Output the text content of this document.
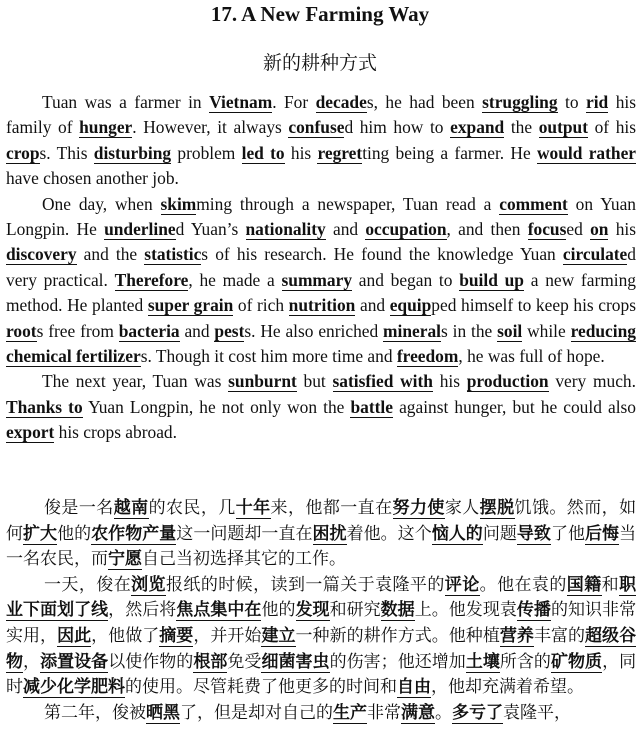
17. A New Farming Way
新的耕种方式

Tuan was a farmer in Vietnam. For decades, he had been struggling to rid his family of hunger. However, it always confused him how to expand the output of his crops. This disturbing problem led to his regretting being a farmer. He would rather have chosen another job.

One day, when skimming through a newspaper, Tuan read a comment on Yuan Longpin. He underlined Yuan’s nationality and occupation, and then focused on his discovery and the statistics of his research. He found the knowledge Yuan circulated very practical. Therefore, he made a summary and began to build up a new farming method. He planted super grain of rich nutrition and equipped himself to keep his crops roots free from bacteria and pests. He also enriched minerals in the soil while reducing chemical fertilizers. Though it cost him more time and freedom, he was full of hope.

The next year, Tuan was sunburnt but satisfied with his production very much. Thanks to Yuan Longpin, he not only won the battle against hunger, but he could also export his crops abroad.

俊是一名越南的农民，几十年来，他都一直在努力使家人摆脱饥饿。然而，如何扩大他的农作物产量这一问题却一直在困扰着他。这个恼人的问题导致了他后悔当一名农民，而宁愿自己当初选择其它的工作。

一天，俊在浏览报纸的时候，读到一篇关于袁隆平的评论。他在袁的国籍和职业下面划了线，然后将焦点集中在他的发现和研究数据上。他发现袁传播的知识非常实用，因此，他做了摘要，并开始建立一种新的耕作方式。他种植营养丰富的超级谷物，添置设备以使作物的根部免受细菌害虫的伤害；他还增加土壤所含的矿物质，同时减少化学肥料的使用。尽管耗费了他更多的时间和自由，他却充满着希望。

第二年，俊被晒黑了，但是却对自己的生产非常满意。多亏了袁隆平，
